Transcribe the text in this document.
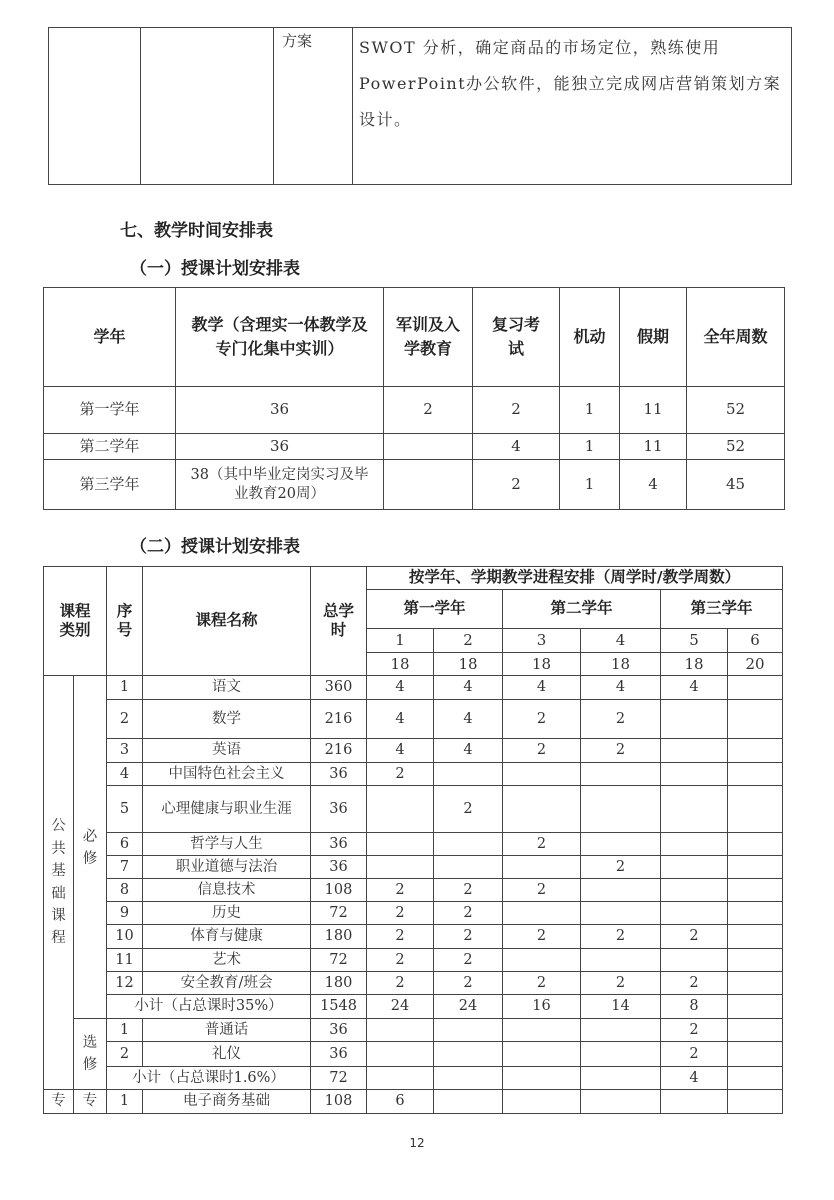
		方案	SWOT 分析，确定商品的市场定位，熟练使用PowerPoint办公软件，能独立完成网店营销策划方案设计。
七、教学时间安排表
（一）授课计划安排表
学年	教学（含理实一体教学及专门化集中实训）	军训及入学教育	复习考试	机动	假期	全年周数
第一学年	36	2	2	1	11	52
第二学年	36		4	1	11	52
第三学年	38（其中毕业定岗实习及毕业教育20周）		2	1	4	45
（二）授课计划安排表
课程类别		序号	课程名称	总学时	按学年、学期教学进程安排（周学时/教学周数）					
					第一学年		第二学年		第三学年	
					1	2	3	4	5	6
					18	18	18	18	18	20

公共基础课程	必修	1	语文	360	4	4	4	4	4	
		2	数学	216	4	4	2	2		
		3	英语	216	4	4	2	2		
		4	中国特色社会主义	36	2					
		5	心理健康与职业生涯	36		2				
		6	哲学与人生	36			2			
		7	职业道德与法治	36				2		
		8	信息技术	108	2	2	2			
		9	历史	72	2	2				
		10	体育与健康	180	2	2	2	2	2	
		11	艺术	72	2	2				
		12	安全教育/班会	180	2	2	2	2	2	
		小计（占总课时35%）		1548	24	24	16	14	8	

	选修	1	普通话	36					2	
		2	礼仪	36					2	
		小计（占总课时1.6%）		72					4	
专	专	1	电子商务基础	108	6					
12
